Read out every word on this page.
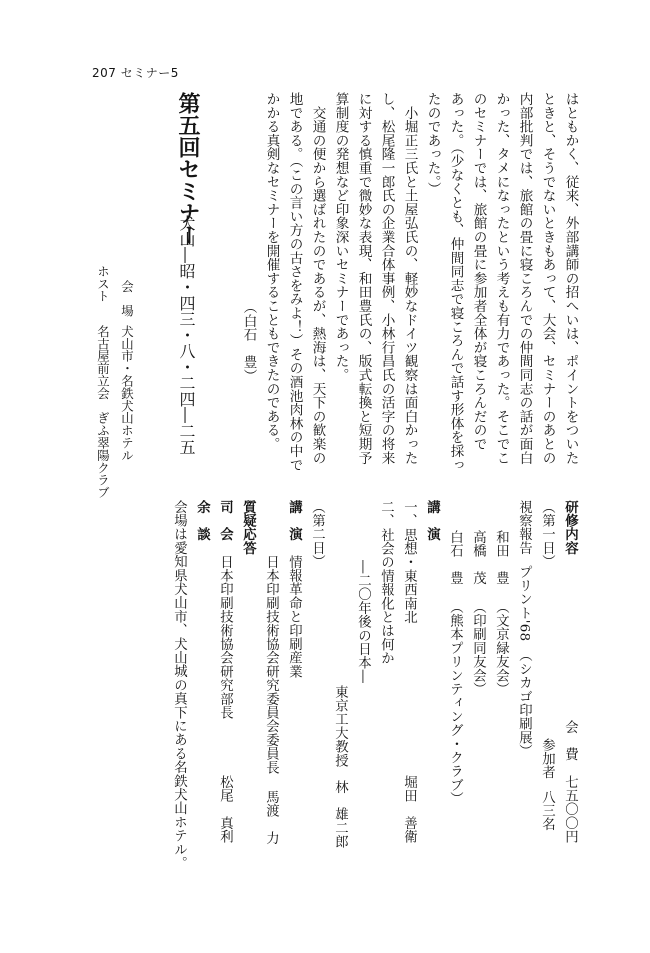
207 セミナー5
はともかく、従来、外部講師の招へいは、ポイントをついた
ときと、そうでないときもあって、大会、セミナーのあとの
内部批判では、旅館の畳に寝ころんでの仲間同志の話が面白
かった、タメになったという考えも有力であった。そこでこ
のセミナーでは、旅館の畳に参加者全体が寝ころんだので
あった。（少なくとも、仲間同志で寝ころんで話す形体を採っ
たのであった。）
　小堀正三氏と土屋弘氏の、軽妙なドイツ観察は面白かった
し、松尾隆一郎氏の企業合体事例、小林行昌氏の活字の将来
に対する慎重で微妙な表現、和田豊氏の、版式転換と短期予
算制度の発想など印象深いセミナーであった。
　交通の便から選ばれたのであるが、熱海は、天下の歓楽の
地である。（この言い方の古さをみよ！）その酒池肉林の中で
かかる真剣なセミナーを開催することもできたのである。
（白石　豊）
第五回セミナー
犬山―昭・四三・八・二四―二五
会　場
犬山市・名鉄犬山ホテル
ホスト
名古屋前立会　ぎふ翠陽クラブ
会　費
七五〇〇円
参加者
八三名
研修内容
（第一日）
視察報告
プリント'68　（シカゴ印刷展）
和田　豊
（文京緑友会）
高橋　茂
（印刷同友会）
白石　豊
（熊本プリンティング・クラブ）
講　演
一、
思想・東西南北
堀田　善衛
二、
社会の情報化とは何か
―二〇年後の日本―
東京工大教授
林　雄二郎
（第二日）
講　演
情報革命と印刷産業
日本印刷技術協会研究委員会委員長
馬渡　力
質疑応答
司　会
日本印刷技術協会研究部長
松尾　真利
余　談
会場は愛知県犬山市、犬山城の真下にある名鉄犬山ホテル。
